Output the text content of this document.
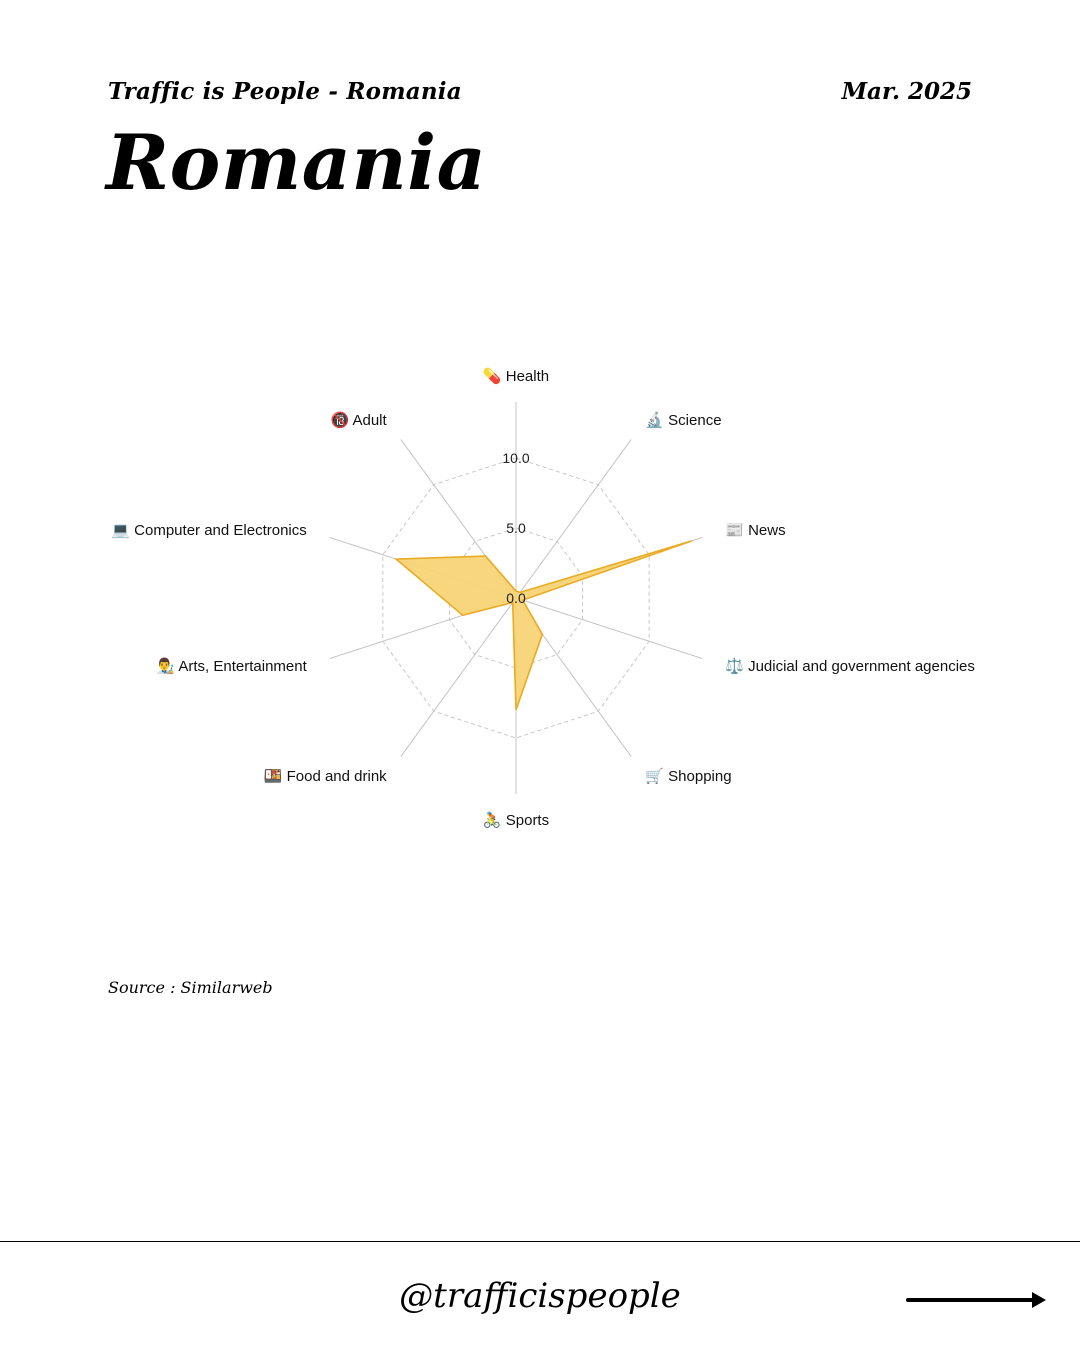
Traffic is People - Romania	Mar. 2025
Romania
0.0
5.0
10.0
💊 Health
🔬 Science
📰 News
⚖️ Judicial and government agencies
🛒 Shopping
🚴 Sports
🍱 Food and drink
👨‍🎨 Arts, Entertainment
💻 Computer and Electronics
🔞 Adult
Source : Similarweb
@trafficispeople
